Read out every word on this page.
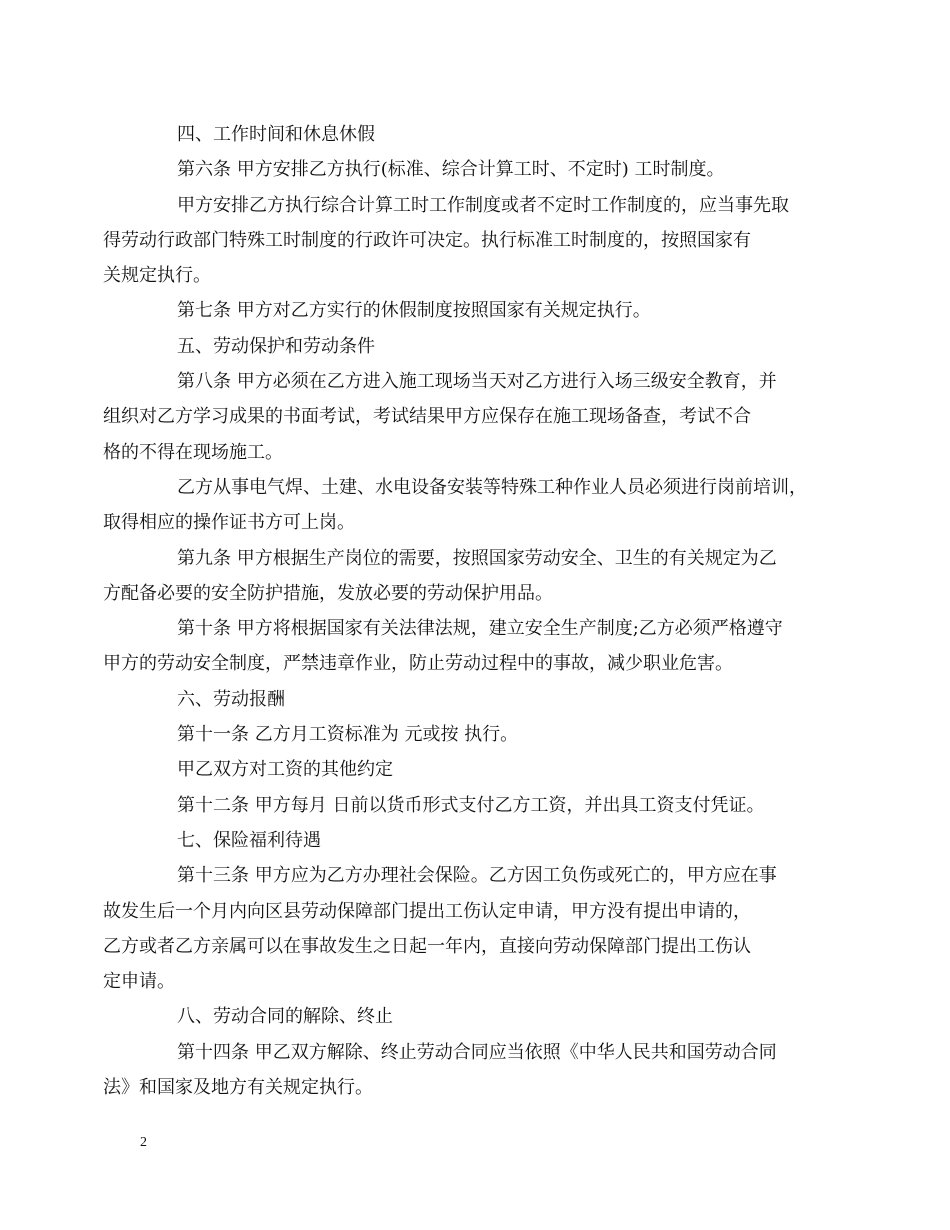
四、工作时间和休息休假

第六条 甲方安排乙方执行(标准、综合计算工时、不定时) 工时制度。

甲方安排乙方执行综合计算工时工作制度或者不定时工作制度的，应当事先取
得劳动行政部门特殊工时制度的行政许可决定。执行标准工时制度的，按照国家有
关规定执行。

第七条 甲方对乙方实行的休假制度按照国家有关规定执行。

五、劳动保护和劳动条件

第八条 甲方必须在乙方进入施工现场当天对乙方进行入场三级安全教育，并
组织对乙方学习成果的书面考试，考试结果甲方应保存在施工现场备查，考试不合
格的不得在现场施工。

乙方从事电气焊、土建、水电设备安装等特殊工种作业人员必须进行岗前培训，
取得相应的操作证书方可上岗。

第九条 甲方根据生产岗位的需要，按照国家劳动安全、卫生的有关规定为乙
方配备必要的安全防护措施，发放必要的劳动保护用品。

第十条 甲方将根据国家有关法律法规，建立安全生产制度;乙方必须严格遵守
甲方的劳动安全制度，严禁违章作业，防止劳动过程中的事故，减少职业危害。

六、劳动报酬

第十一条 乙方月工资标准为 元或按 执行。

甲乙双方对工资的其他约定

第十二条 甲方每月 日前以货币形式支付乙方工资，并出具工资支付凭证。

七、保险福利待遇

第十三条 甲方应为乙方办理社会保险。乙方因工负伤或死亡的，甲方应在事
故发生后一个月内向区县劳动保障部门提出工伤认定申请，甲方没有提出申请的，
乙方或者乙方亲属可以在事故发生之日起一年内，直接向劳动保障部门提出工伤认
定申请。

八、劳动合同的解除、终止

第十四条 甲乙双方解除、终止劳动合同应当依照《中华人民共和国劳动合同
法》和国家及地方有关规定执行。

2
